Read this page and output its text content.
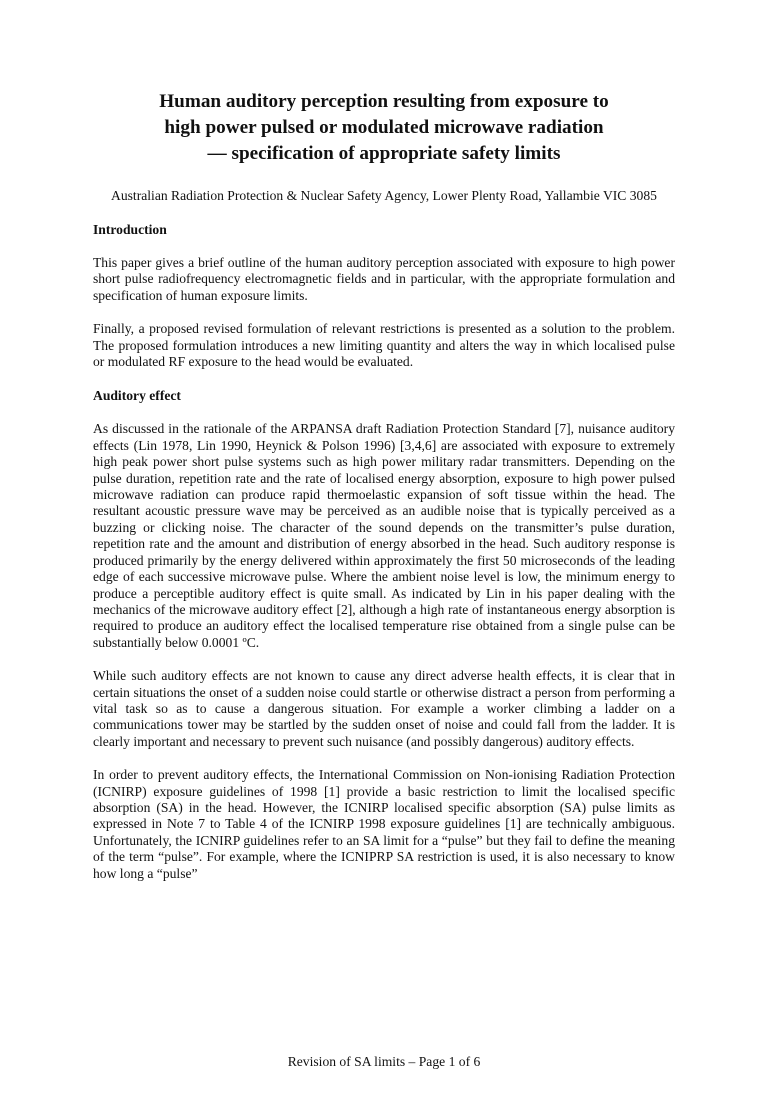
Human auditory perception resulting from exposure to
high power pulsed or modulated microwave radiation
— specification of appropriate safety limits
Australian Radiation Protection & Nuclear Safety Agency, Lower Plenty Road, Yallambie VIC 3085
Introduction

This paper gives a brief outline of the human auditory perception associated with exposure to high power short pulse radiofrequency electromagnetic fields and in particular, with the appropriate formulation and specification of human exposure limits.

Finally, a proposed revised formulation of relevant restrictions is presented as a solution to the problem. The proposed formulation introduces a new limiting quantity and alters the way in which localised pulse or modulated RF exposure to the head would be evaluated.

Auditory effect

As discussed in the rationale of the ARPANSA draft Radiation Protection Standard [7], nuisance auditory effects (Lin 1978, Lin 1990, Heynick & Polson 1996) [3,4,6] are associated with exposure to extremely high peak power short pulse systems such as high power military radar transmitters. Depending on the pulse duration, repetition rate and the rate of localised energy absorption, exposure to high power pulsed microwave radiation can produce rapid thermoelastic expansion of soft tissue within the head. The resultant acoustic pressure wave may be perceived as an audible noise that is typically perceived as a buzzing or clicking noise. The character of the sound depends on the transmitter’s pulse duration, repetition rate and the amount and distribution of energy absorbed in the head. Such auditory response is produced primarily by the energy delivered within approximately the first 50 microseconds of the leading edge of each successive microwave pulse. Where the ambient noise level is low, the minimum energy to produce a perceptible auditory effect is quite small. As indicated by Lin in his paper dealing with the mechanics of the microwave auditory effect [2], although a high rate of instantaneous energy absorption is required to produce an auditory effect the localised temperature rise obtained from a single pulse can be substantially below 0.0001 ºC.

While such auditory effects are not known to cause any direct adverse health effects, it is clear that in certain situations the onset of a sudden noise could startle or otherwise distract a person from performing a vital task so as to cause a dangerous situation. For example a worker climbing a ladder on a communications tower may be startled by the sudden onset of noise and could fall from the ladder. It is clearly important and necessary to prevent such nuisance (and possibly dangerous) auditory effects.

In order to prevent auditory effects, the International Commission on Non-ionising Radiation Protection (ICNIRP) exposure guidelines of 1998 [1] provide a basic restriction to limit the localised specific absorption (SA) in the head. However, the ICNIRP localised specific absorption (SA) pulse limits as expressed in Note 7 to Table 4 of the ICNIRP 1998 exposure guidelines [1] are technically ambiguous. Unfortunately, the ICNIRP guidelines refer to an SA limit for a “pulse” but they fail to define the meaning of the term “pulse”. For example, where the ICNIPRP SA restriction is used, it is also necessary to know how long a “pulse”

Revision of SA limits – Page 1 of 6
